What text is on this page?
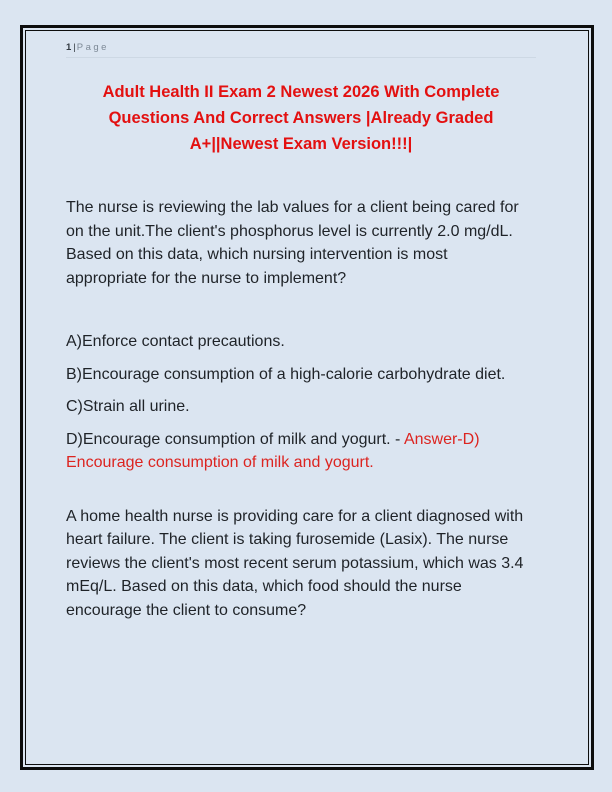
1|Page
Adult Health II Exam 2 Newest 2026 With Complete
Questions And Correct Answers |Already Graded
A+||Newest Exam Version!!!|

The nurse is reviewing the lab values for a client being cared for on the unit.The client's phosphorus level is currently 2.0 mg/dL. Based on this data, which nursing intervention is most appropriate for the nurse to implement?

A)Enforce contact precautions.

B)Encourage consumption of a high-calorie carbohydrate diet.

C)Strain all urine.

D)Encourage consumption of milk and yogurt. - Answer-D) Encourage consumption of milk and yogurt.

A home health nurse is providing care for a client diagnosed with heart failure. The client is taking furosemide (Lasix). The nurse reviews the client's most recent serum potassium, which was 3.4 mEq/L. Based on this data, which food should the nurse encourage the client to consume?
